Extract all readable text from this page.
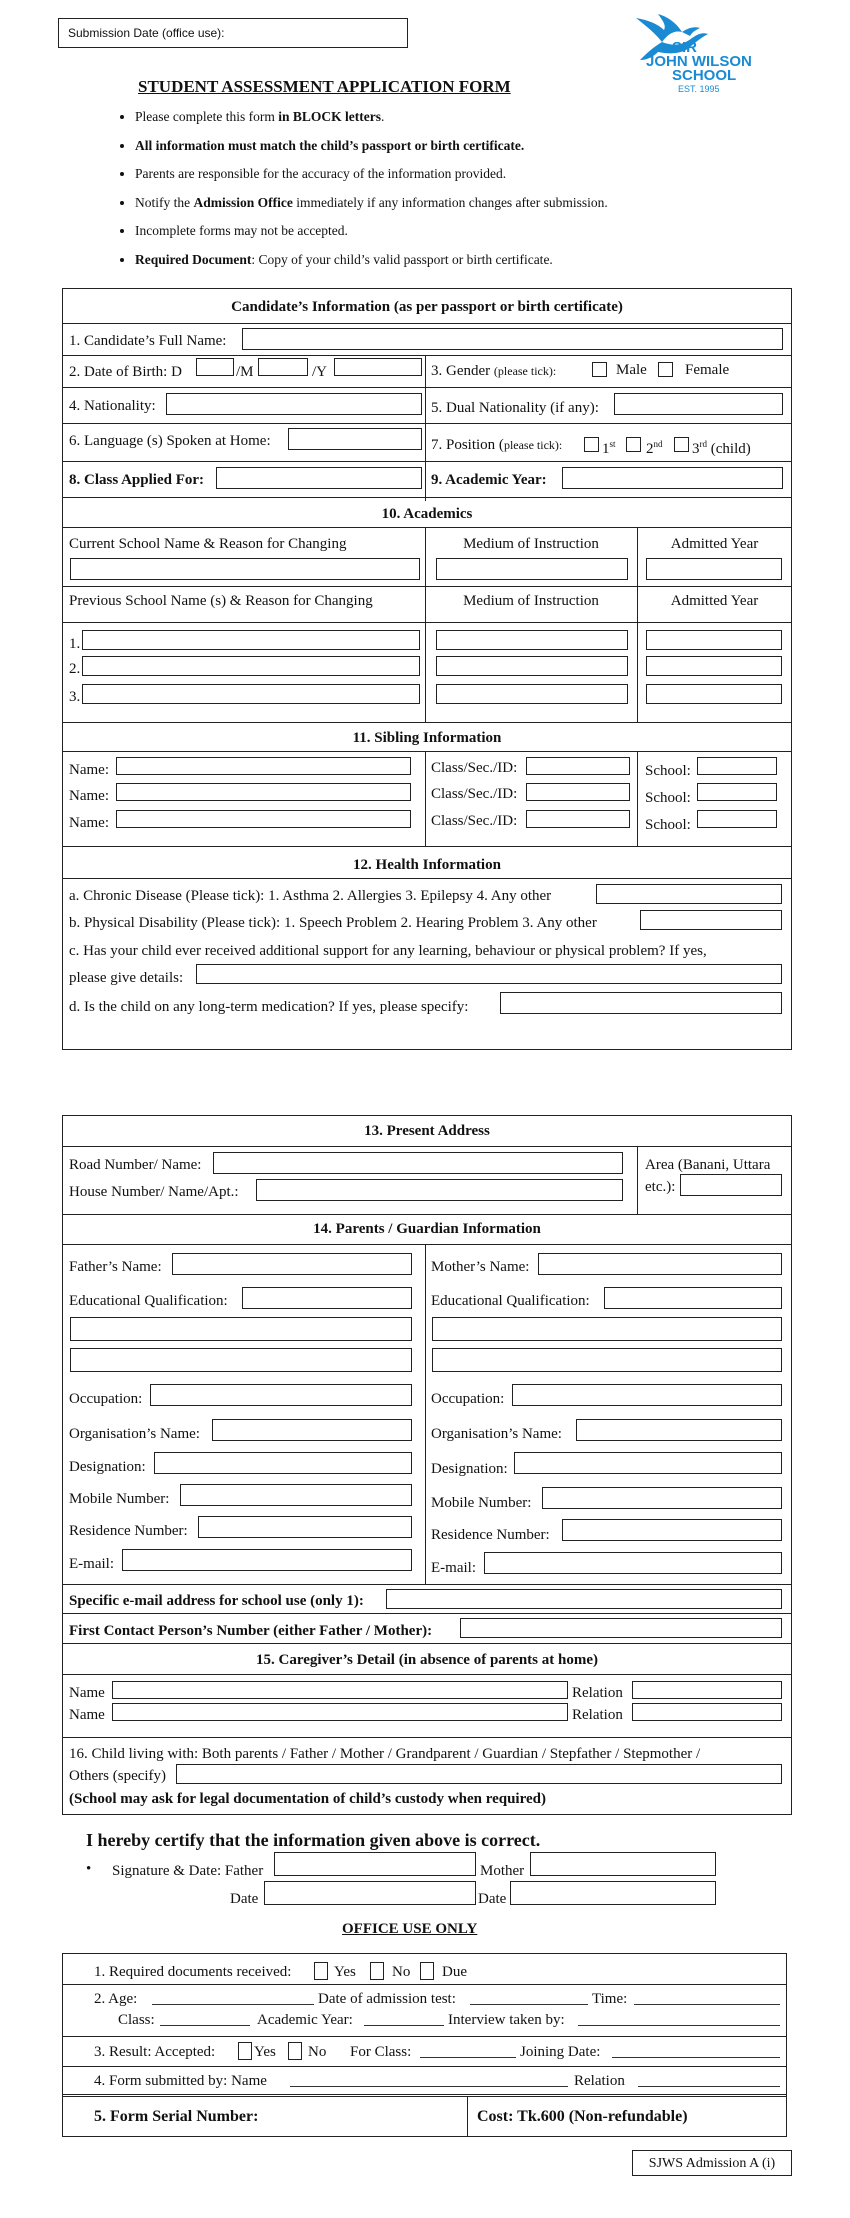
Submission Date (office use):
SIR
JOHN WILSON
SCHOOL
EST. 1995
STUDENT ASSESSMENT APPLICATION FORM
• Please complete this form in BLOCK letters.
• All information must match the child’s passport or birth certificate.
• Parents are responsible for the accuracy of the information provided.
• Notify the Admission Office immediately if any information changes after submission.
• Incomplete forms may not be accepted.
• Required Document: Copy of your child’s valid passport or birth certificate.
Candidate’s Information (as per passport or birth certificate)
1. Candidate’s Full Name:
2. Date of Birth: D	/M	/Y	3. Gender (please tick):	Male	Female
4. Nationality:	5. Dual Nationality (if any):
6. Language (s) Spoken at Home:	7. Position (please tick):	1st 2nd 3rd (child)
8. Class Applied For:	9. Academic Year:
10. Academics
Current School Name & Reason for Changing	Medium of Instruction	Admitted Year
Previous School Name (s) & Reason for Changing	Medium of Instruction	Admitted Year
1.
2.
3.
11. Sibling Information
Name:	Class/Sec./ID:	School:
Name:	Class/Sec./ID:	School:
Name:	Class/Sec./ID:	School:
12. Health Information
a. Chronic Disease (Please tick): 1. Asthma 2. Allergies 3. Epilepsy 4. Any other
b. Physical Disability (Please tick): 1. Speech Problem 2. Hearing Problem 3. Any other
c. Has your child ever received additional support for any learning, behaviour or physical problem? If yes,
please give details:
d. Is the child on any long-term medication? If yes, please specify:
13. Present Address
Road Number/ Name:
House Number/ Name/Apt.:
Area (Banani, Uttara
etc.):
14. Parents / Guardian Information
Father’s Name:
Educational Qualification:
Occupation:
Organisation’s Name:
Designation:
Mobile Number:
Residence Number:
E-mail:
Mother’s Name:
Educational Qualification:
Occupation:
Organisation’s Name:
Designation:
Mobile Number:
Residence Number:
E-mail:
Specific e-mail address for school use (only 1):
First Contact Person’s Number (either Father / Mother):
15. Caregiver’s Detail (in absence of parents at home)
Name	Relation
Name	Relation
16. Child living with: Both parents / Father / Mother / Grandparent / Guardian / Stepfather / Stepmother /
Others (specify)
(School may ask for legal documentation of child’s custody when required)
I hereby certify that the information given above is correct.
• Signature & Date: Father	Mother
Date	Date
OFFICE USE ONLY
1. Required documents received:	Yes No Due
2. Age:	Date of admission test:	Time:
Class:	Academic Year:	Interview taken by:
3. Result: Accepted:	Yes No For Class:	Joining Date:
4. Form submitted by: Name	Relation
5. Form Serial Number:	Cost: Tk.600 (Non-refundable)
SJWS Admission A (i)
